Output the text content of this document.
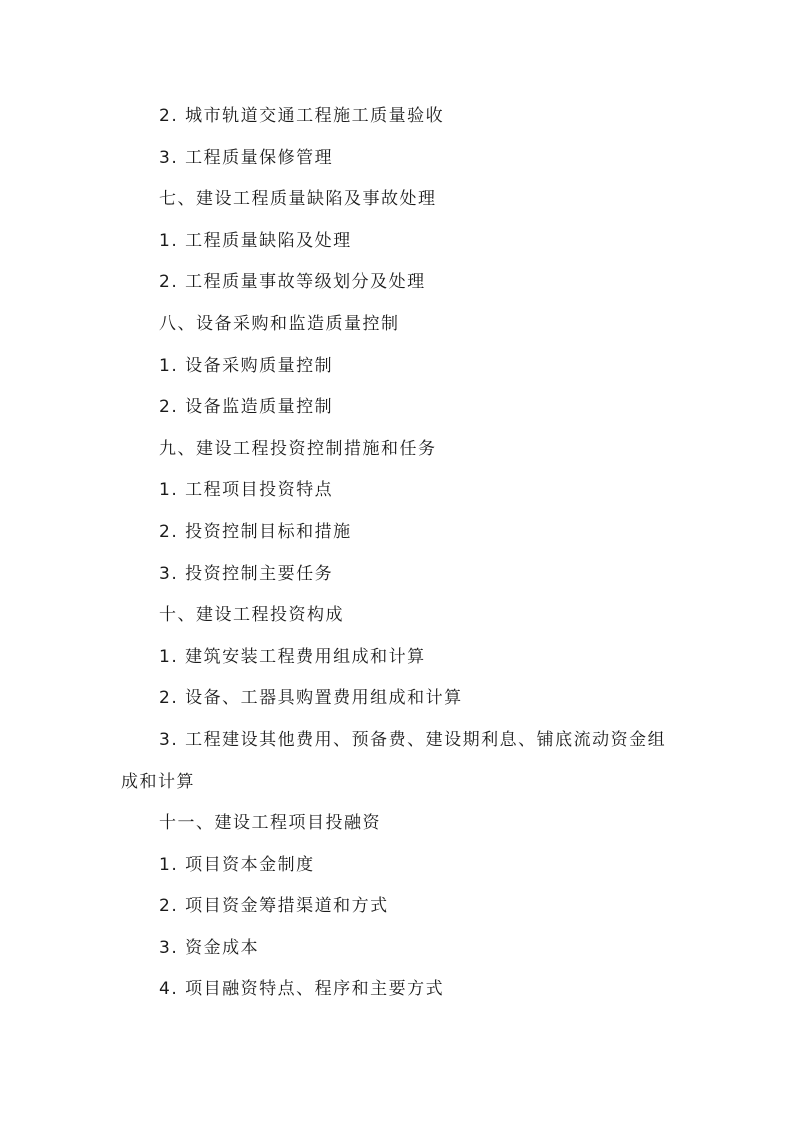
2. 城市轨道交通工程施工质量验收
3. 工程质量保修管理
七、建设工程质量缺陷及事故处理
1. 工程质量缺陷及处理
2. 工程质量事故等级划分及处理
八、设备采购和监造质量控制
1. 设备采购质量控制
2. 设备监造质量控制
九、建设工程投资控制措施和任务
1. 工程项目投资特点
2. 投资控制目标和措施
3. 投资控制主要任务
十、建设工程投资构成
1. 建筑安装工程费用组成和计算
2. 设备、工器具购置费用组成和计算
3. 工程建设其他费用、预备费、建设期利息、铺底流动资金组成和计算
十一、建设工程项目投融资
1. 项目资本金制度
2. 项目资金筹措渠道和方式
3. 资金成本
4. 项目融资特点、程序和主要方式
